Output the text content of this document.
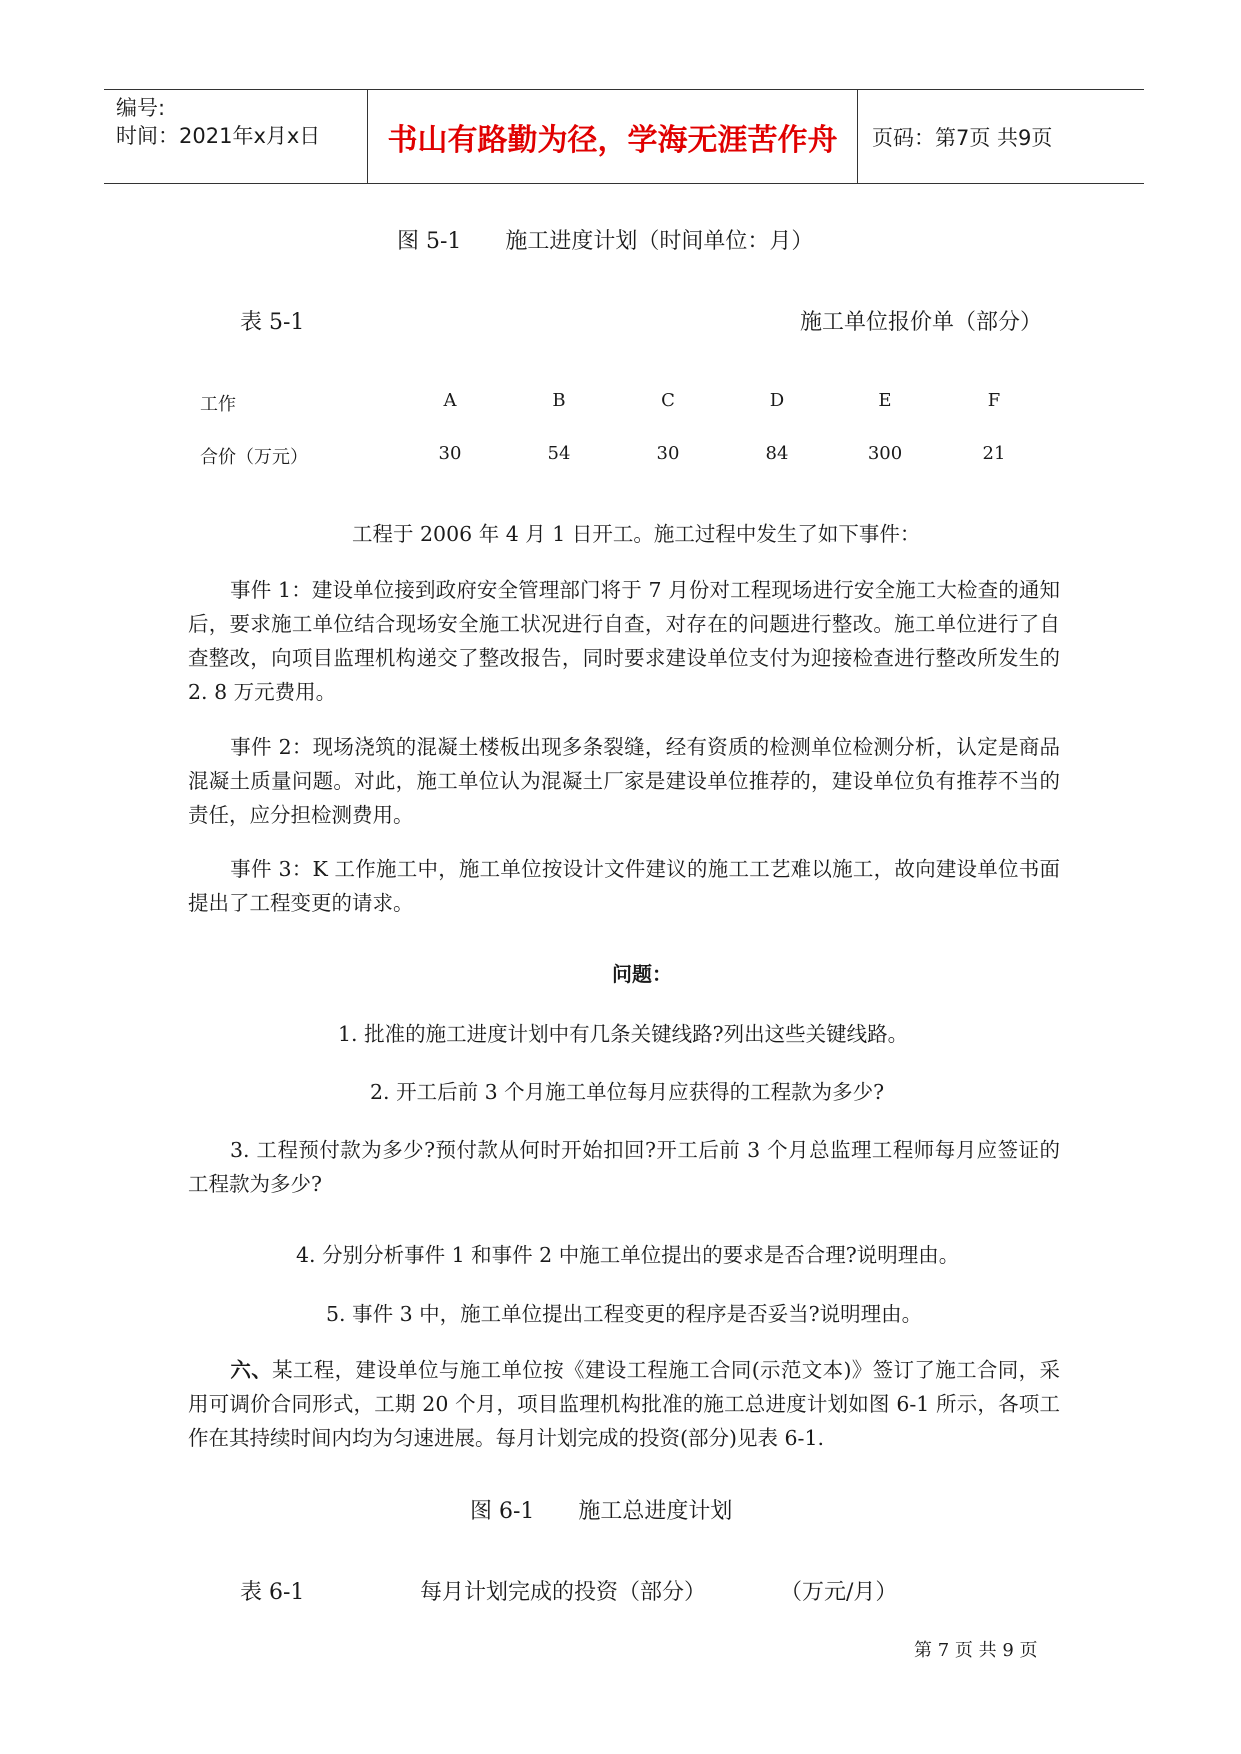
编号:
时间：2021年x月x日	书山有路勤为径，学海无涯苦作舟	页码：第7页 共9页
图 5-1　　施工进度计划（时间单位：月）
表 5-1	施工单位报价单（部分）
工作	A	B	C	D	E	F
合价（万元）	30	54	30	84	300	21
工程于 2006 年 4 月 1 日开工。施工过程中发生了如下事件：
事件 1：建设单位接到政府安全管理部门将于 7 月份对工程现场进行安全施工大检查的通知后，要求施工单位结合现场安全施工状况进行自查，对存在的问题进行整改。施工单位进行了自查整改，向项目监理机构递交了整改报告，同时要求建设单位支付为迎接检查进行整改所发生的 2. 8 万元费用。
事件 2：现场浇筑的混凝土楼板出现多条裂缝，经有资质的检测单位检测分析，认定是商品混凝土质量问题。对此，施工单位认为混凝土厂家是建设单位推荐的，建设单位负有推荐不当的责任，应分担检测费用。
事件 3：K 工作施工中，施工单位按设计文件建议的施工工艺难以施工，故向建设单位书面提出了工程变更的请求。
问题：
1. 批准的施工进度计划中有几条关键线路?列出这些关键线路。
2. 开工后前 3 个月施工单位每月应获得的工程款为多少?
3. 工程预付款为多少?预付款从何时开始扣回?开工后前 3 个月总监理工程师每月应签证的工程款为多少?
4. 分别分析事件 1 和事件 2 中施工单位提出的要求是否合理?说明理由。
5. 事件 3 中，施工单位提出工程变更的程序是否妥当?说明理由。
六、某工程，建设单位与施工单位按《建设工程施工合同(示范文本)》签订了施工合同，采用可调价合同形式，工期 20 个月，项目监理机构批准的施工总进度计划如图 6-1 所示，各项工作在其持续时间内均为匀速进展。每月计划完成的投资(部分)见表 6-1.
图 6-1　　施工总进度计划
表 6-1	每月计划完成的投资（部分）	（万元/月）
第 7 页 共 9 页
